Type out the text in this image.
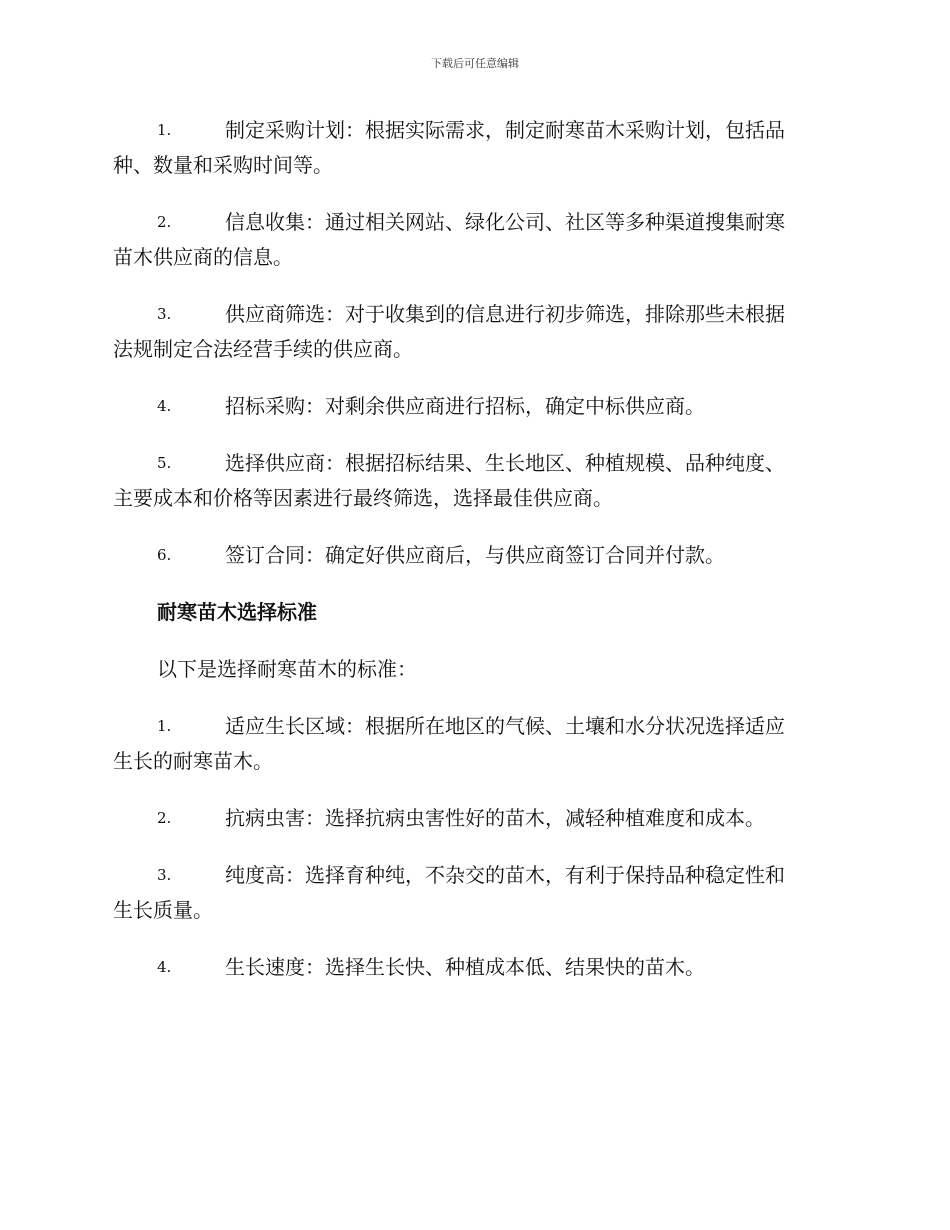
下载后可任意编辑
1.	制定采购计划：根据实际需求，制定耐寒苗木采购计划，包括品
种、数量和采购时间等。
2.	信息收集：通过相关网站、绿化公司、社区等多种渠道搜集耐寒
苗木供应商的信息。
3.	供应商筛选：对于收集到的信息进行初步筛选，排除那些未根据
法规制定合法经营手续的供应商。
4.	招标采购：对剩余供应商进行招标，确定中标供应商。
5.	选择供应商：根据招标结果、生长地区、种植规模、品种纯度、
主要成本和价格等因素进行最终筛选，选择最佳供应商。
6.	签订合同：确定好供应商后，与供应商签订合同并付款。
耐寒苗木选择标准
以下是选择耐寒苗木的标准：
1.	适应生长区域：根据所在地区的气候、土壤和水分状况选择适应
生长的耐寒苗木。
2.	抗病虫害：选择抗病虫害性好的苗木，减轻种植难度和成本。
3.	纯度高：选择育种纯，不杂交的苗木，有利于保持品种稳定性和
生长质量。
4.	生长速度：选择生长快、种植成本低、结果快的苗木。
